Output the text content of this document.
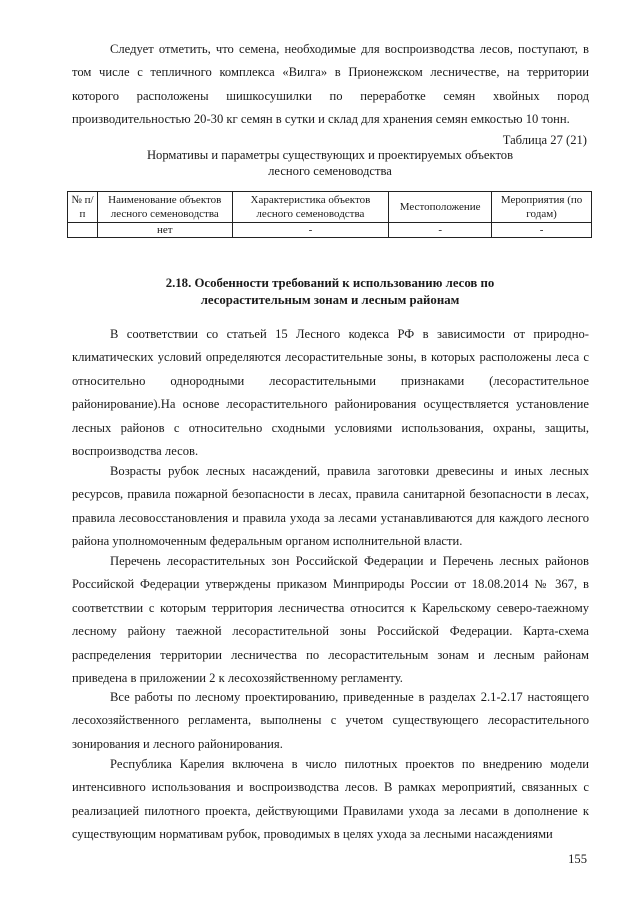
Следует отметить, что семена, необходимые для воспроизводства лесов, поступают, в том числе с тепличного комплекса «Вилга» в Прионежском лесничестве, на территории которого расположены шишкосушилки по переработке семян хвойных пород производительностью 20-30 кг семян в сутки и склад для хранения семян емкостью 10 тонн.

Таблица 27 (21)
Нормативы и параметры существующих и проектируемых объектов лесного семеноводства
№ п/п	Наименование объектов лесного семеноводства	Характеристика объектов лесного семеноводства	Местоположение	Мероприятия (по годам)
	нет	-	-	-
2.18. Особенности требований к использованию лесов по лесорастительным зонам и лесным районам

В соответствии со статьей 15 Лесного кодекса РФ в зависимости от природно-климатических условий определяются лесорастительные зоны, в которых расположены леса с относительно однородными лесорастительными признаками (лесорастительное районирование).На основе лесорастительного районирования осуществляется установление лесных районов с относительно сходными условиями использования, охраны, защиты, воспроизводства лесов.

Возрасты рубок лесных насаждений, правила заготовки древесины и иных лесных ресурсов, правила пожарной безопасности в лесах, правила санитарной безопасности в лесах, правила лесовосстановления и правила ухода за лесами устанавливаются для каждого лесного района уполномоченным федеральным органом исполнительной власти.

Перечень лесорастительных зон Российской Федерации и Перечень лесных районов Российской Федерации утверждены приказом Минприроды России от 18.08.2014 № 367, в соответствии с которым территория лесничества относится к Карельскому северо-таежному лесному району таежной лесорастительной зоны Российской Федерации. Карта-схема распределения территории лесничества по лесорастительным зонам и лесным районам приведена в приложении 2 к лесохозяйственному регламенту.

Все работы по лесному проектированию, приведенные в разделах 2.1-2.17 настоящего лесохозяйственного регламента, выполнены с учетом существующего лесорастительного зонирования и лесного районирования.

Республика Карелия включена в число пилотных проектов по внедрению модели интенсивного использования и воспроизводства лесов. В рамках мероприятий, связанных с реализацией пилотного проекта, действующими Правилами ухода за лесами в дополнение к существующим нормативам рубок, проводимых в целях ухода за лесными насаждениями

155
